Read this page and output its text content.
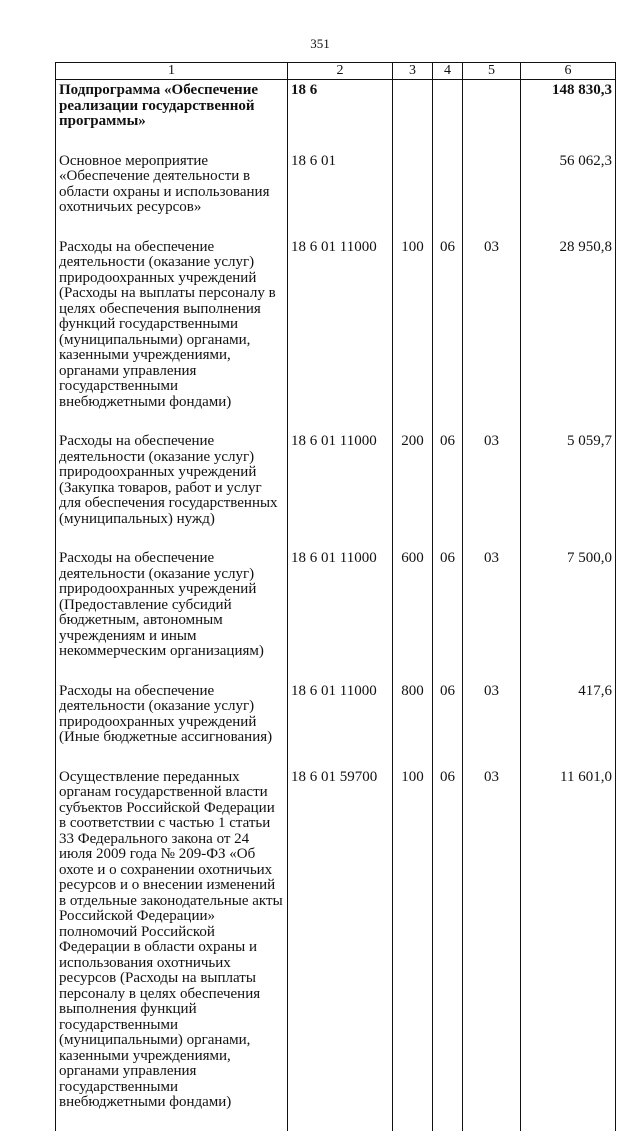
351
1	2	3	4	5	6
Подпрограмма «Обеспечение реализации государственной программы»	18 6				148 830,3
Основное мероприятие «Обеспечение деятельности в области охраны и использования охотничьих ресурсов»	18 6 01				56 062,3
Расходы на обеспечение деятельности (оказание услуг) природоохранных учреждений (Расходы на выплаты персоналу в целях обеспечения выполнения функций государственными (муниципальными) органами, казенными учреждениями, органами управления государственными внебюджетными фондами)	18 6 01 11000	100	06	03	28 950,8
Расходы на обеспечение деятельности (оказание услуг) природоохранных учреждений (Закупка товаров, работ и услуг для обеспечения государственных (муниципальных) нужд)	18 6 01 11000	200	06	03	5 059,7
Расходы на обеспечение деятельности (оказание услуг) природоохранных учреждений (Предоставление субсидий бюджетным, автономным учреждениям и иным некоммерческим организациям)	18 6 01 11000	600	06	03	7 500,0
Расходы на обеспечение деятельности (оказание услуг) природоохранных учреждений (Иные бюджетные ассигнования)	18 6 01 11000	800	06	03	417,6
Осуществление переданных органам государственной власти субъектов Российской Федерации в соответствии с частью 1 статьи 33 Федерального закона от 24 июля 2009 года № 209-ФЗ «Об охоте и о сохранении охотничьих ресурсов и о внесении изменений в отдельные законодательные акты Российской Федерации» полномочий Российской Федерации в области охраны и использования охотничьих ресурсов (Расходы на выплаты персоналу в целях обеспечения выполнения функций государственными (муниципальными) органами, казенными учреждениями, органами управления государственными внебюджетными фондами)	18 6 01 59700	100	06	03	11 601,0
